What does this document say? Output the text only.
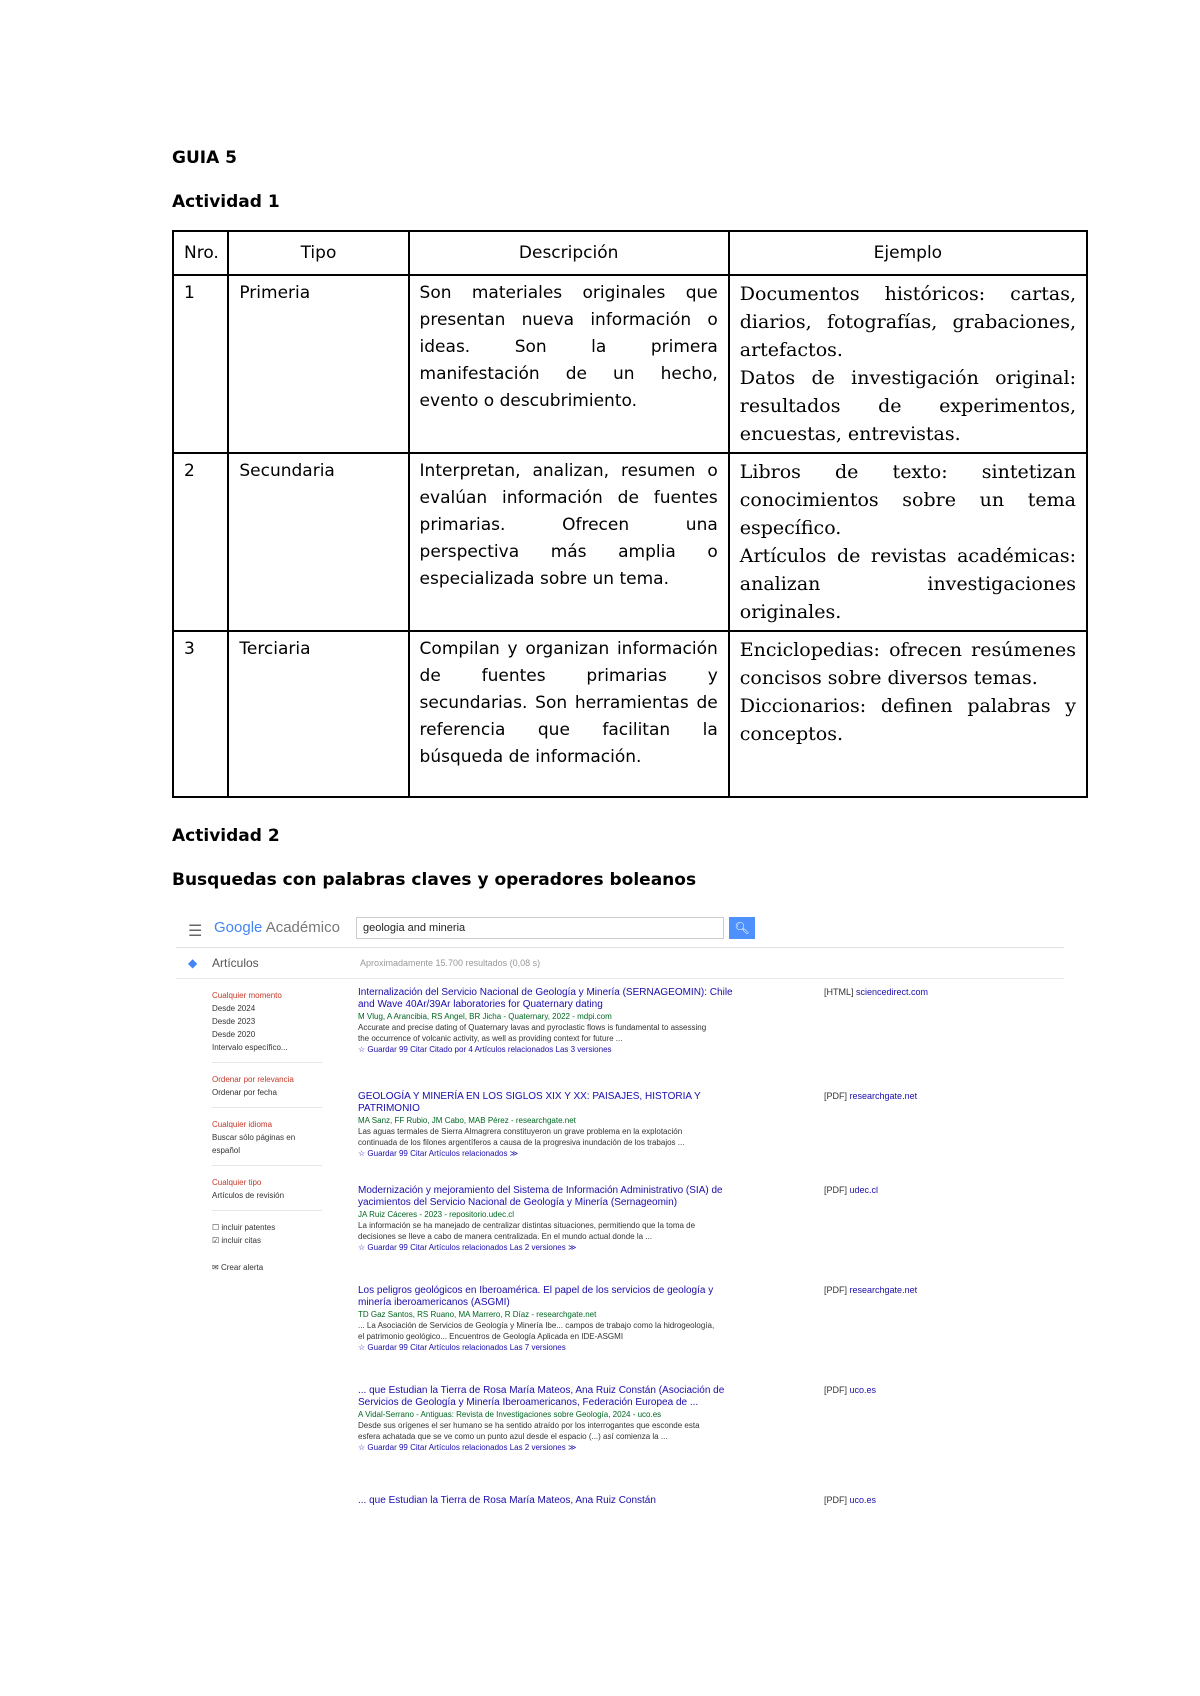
GUIA 5
Actividad 1
Nro.	Tipo	Descripción	Ejemplo
1	Primeria	Son materiales originales que presentan nueva información o ideas. Son la primera manifestación de un hecho, evento o descubrimiento.	Documentos históricos: cartas, diarios, fotografías, grabaciones, artefactos.

Datos de investigación original: resultados de experimentos, encuestas, entrevistas.

2	Secundaria	Interpretan, analizan, resumen o evalúan información de fuentes primarias. Ofrecen una perspectiva más amplia o especializada sobre un tema.	Libros de texto: sintetizan conocimientos sobre un tema específico.

Artículos de revistas académicas: analizan investigaciones originales.

3	Terciaria	Compilan y organizan información de fuentes primarias y secundarias. Son herramientas de referencia que facilitan la búsqueda de información.	Enciclopedias: ofrecen resúmenes concisos sobre diversos temas.

Diccionarios: definen palabras y conceptos.

Actividad 2
Busquedas con palabras claves y operadores boleanos
☰ Google Académico	geologia and mineria	🔍︎
◆ Artículos	Aproximadamente 15.700 resultados (0,08 s)
Cualquier momento
Desde 2024
Desde 2023
Desde 2020
Intervalo específico...
Ordenar por relevancia
Ordenar por fecha
Cualquier idioma
Buscar sólo páginas en español
Cualquier tipo
Artículos de revisión
☐ incluir patentes
☑ incluir citas
✉ Crear alerta
Internalización del Servicio Nacional de Geología y Minería (SERNAGEOMIN): Chile and Wave 40Ar/39Ar laboratories for Quaternary dating
M Vlug, A Arancibia, RS Angel, BR Jicha - Quaternary, 2022 - mdpi.com
Accurate and precise dating of Quaternary lavas and pyroclastic flows is fundamental to assessing the occurrence of volcanic activity, as well as providing context for future ...
☆ Guardar 99 Citar Citado por 4 Artículos relacionados Las 3 versiones
[HTML] sciencedirect.com
GEOLOGÍA Y MINERÍA EN LOS SIGLOS XIX Y XX: PAISAJES, HISTORIA Y PATRIMONIO
MA Sanz, FF Rubio, JM Cabo, MAB Pérez - researchgate.net
Las aguas termales de Sierra Almagrera constituyeron un grave problema en la explotación continuada de los filones argentíferos a causa de la progresiva inundación de los trabajos ...
☆ Guardar 99 Citar Artículos relacionados ≫
[PDF] researchgate.net
Modernización y mejoramiento del Sistema de Información Administrativo (SIA) de yacimientos del Servicio Nacional de Geología y Minería (Sernageomin)
JA Ruiz Cáceres - 2023 - repositorio.udec.cl
La información se ha manejado de centralizar distintas situaciones, permitiendo que la toma de decisiones se lleve a cabo de manera centralizada. En el mundo actual donde la ...
☆ Guardar 99 Citar Artículos relacionados Las 2 versiones ≫
[PDF] udec.cl
Los peligros geológicos en Iberoamérica. El papel de los servicios de geología y minería iberoamericanos (ASGMI)
TD Gaz Santos, RS Ruano, MA Marrero, R Díaz - researchgate.net
... La Asociación de Servicios de Geología y Minería Ibe... campos de trabajo como la hidrogeología, el patrimonio geológico... Encuentros de Geología Aplicada en IDE-ASGMI
☆ Guardar 99 Citar Artículos relacionados Las 7 versiones
[PDF] researchgate.net
... que Estudian la Tierra de Rosa María Mateos, Ana Ruiz Constán (Asociación de Servicios de Geología y Minería Iberoamericanos, Federación Europea de ...
A Vidal-Serrano - Antiguas: Revista de Investigaciones sobre Geología, 2024 - uco.es
Desde sus orígenes el ser humano se ha sentido atraído por los interrogantes que esconde esta esfera achatada que se ve como un punto azul desde el espacio (...) así comienza la ...
☆ Guardar 99 Citar Artículos relacionados Las 2 versiones ≫
[PDF] uco.es
... que Estudian la Tierra de Rosa María Mateos, Ana Ruiz Constán	[PDF] uco.es
